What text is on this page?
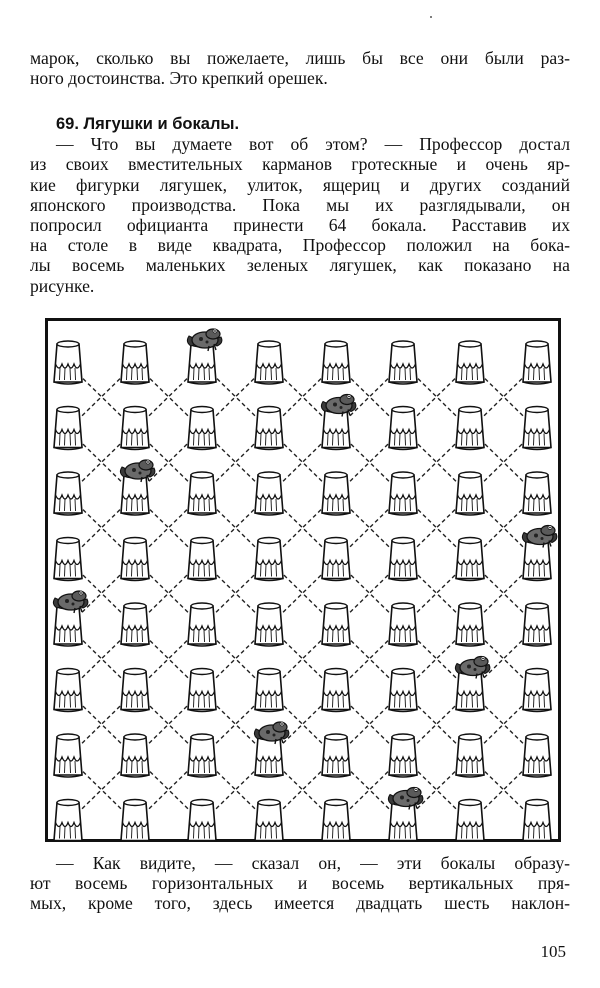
марок, сколько вы пожелаете, лишь бы все они были раз-
ного достоинства. Это крепкий орешек.
69. Лягушки и бокалы.
— Что вы думаете вот об этом? — Профессор достал
из своих вместительных карманов гротескные и очень яр-
кие фигурки лягушек, улиток, ящериц и других созданий
японского производства. Пока мы их разглядывали, он
попросил официанта принести 64 бокала. Расставив их
на столе в виде квадрата, Профессор положил на бока-
лы восемь маленьких зеленых лягушек, как показано на
рисунке.
— Как видите, — сказал он, — эти бокалы образу-
ют восемь горизонтальных и восемь вертикальных пря-
мых, кроме того, здесь имеется двадцать шесть наклон-
105
